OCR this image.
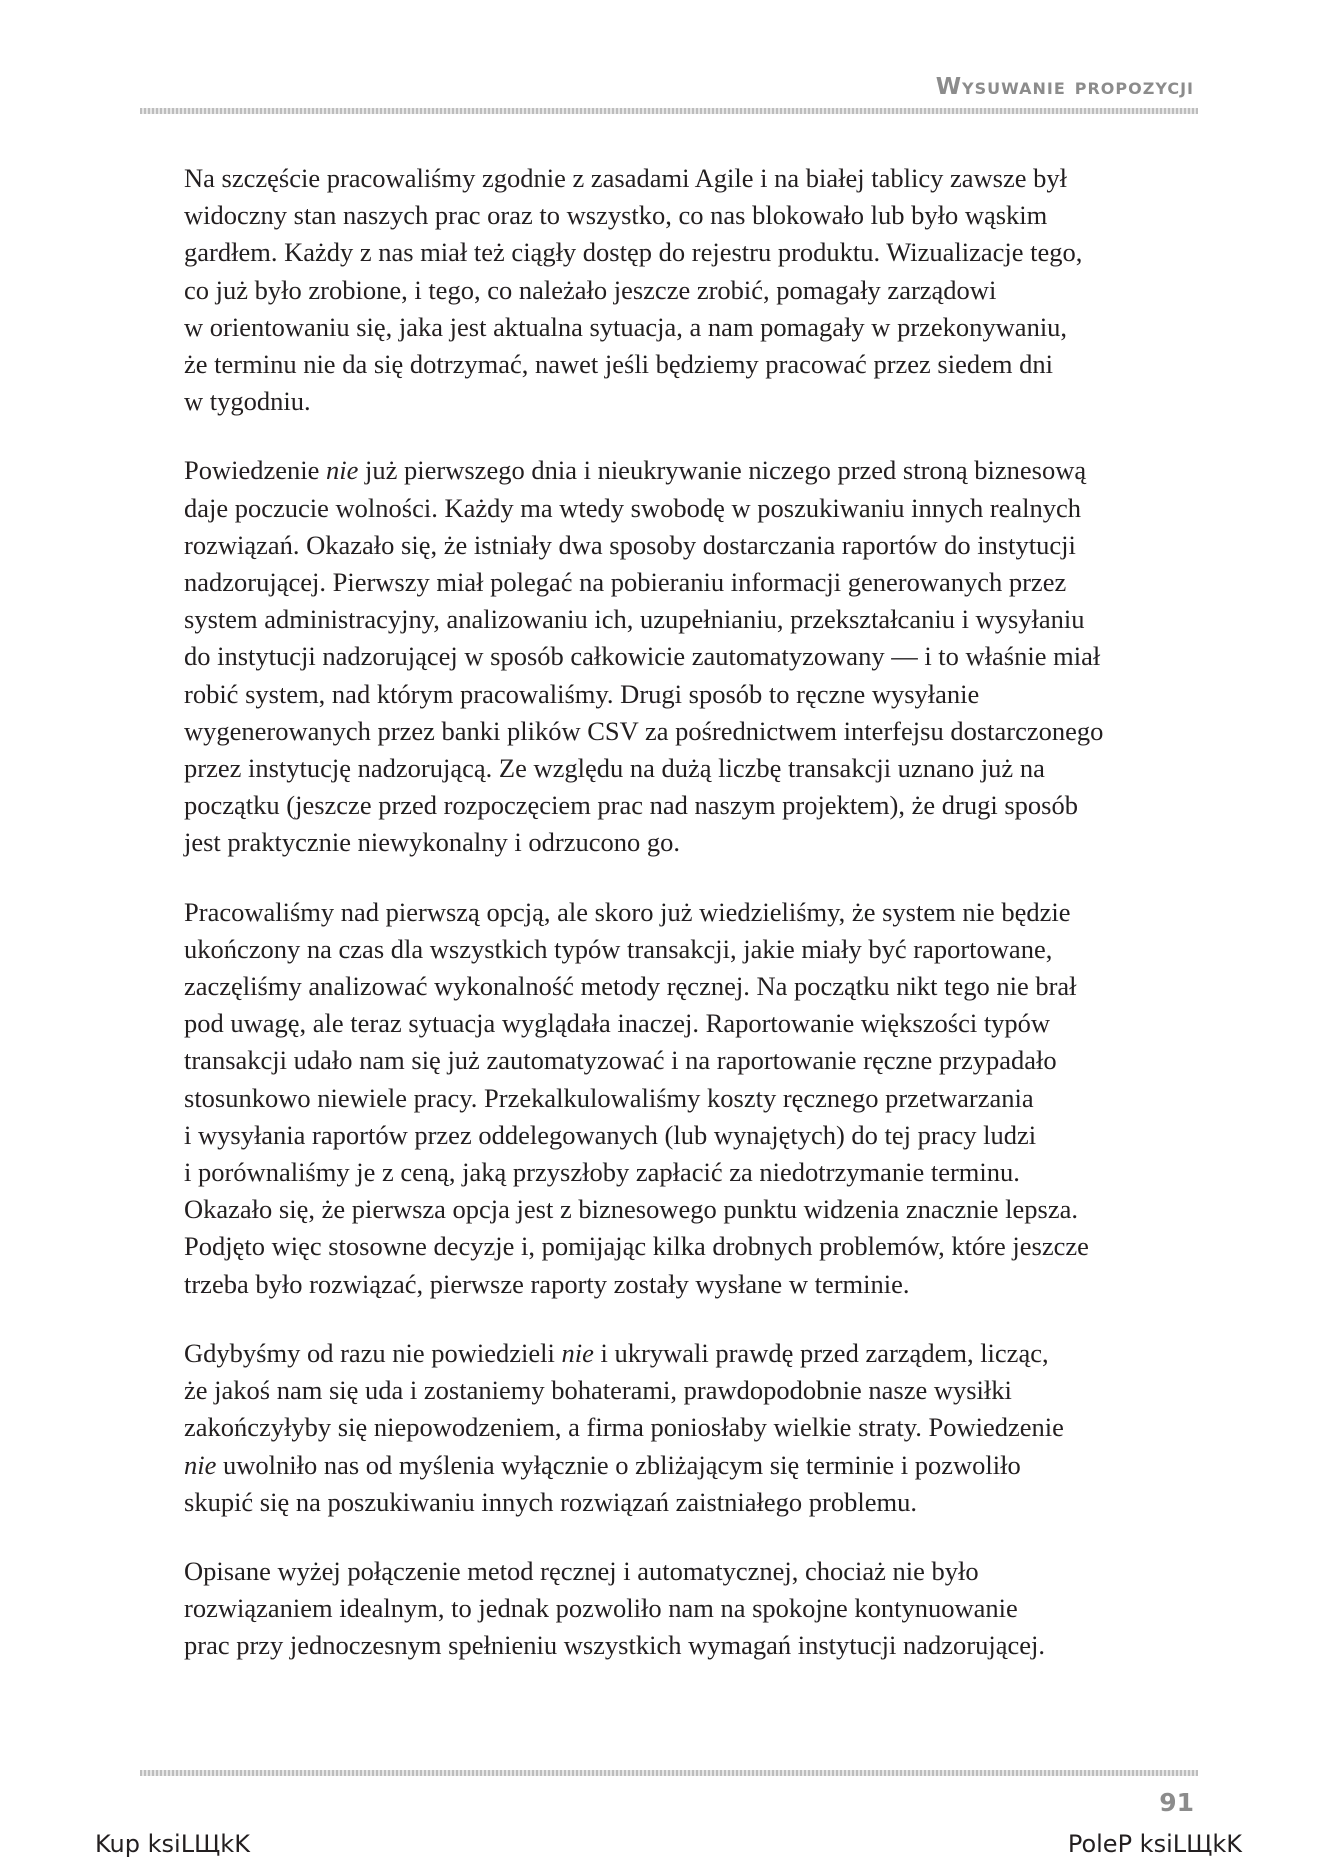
Wysuwanie propozycji

Na szczęście pracowaliśmy zgodnie z zasadami Agile i na białej tablicy zawsze był
widoczny stan naszych prac oraz to wszystko, co nas blokowało lub było wąskim
gardłem. Każdy z nas miał też ciągły dostęp do rejestru produktu. Wizualizacje tego,
co już było zrobione, i tego, co należało jeszcze zrobić, pomagały zarządowi
w orientowaniu się, jaka jest aktualna sytuacja, a nam pomagały w przekonywaniu,
że terminu nie da się dotrzymać, nawet jeśli będziemy pracować przez siedem dni
w tygodniu.

Powiedzenie nie już pierwszego dnia i nieukrywanie niczego przed stroną biznesową
daje poczucie wolności. Każdy ma wtedy swobodę w poszukiwaniu innych realnych
rozwiązań. Okazało się, że istniały dwa sposoby dostarczania raportów do instytucji
nadzorującej. Pierwszy miał polegać na pobieraniu informacji generowanych przez
system administracyjny, analizowaniu ich, uzupełnianiu, przekształcaniu i wysyłaniu
do instytucji nadzorującej w sposób całkowicie zautomatyzowany — i to właśnie miał
robić system, nad którym pracowaliśmy. Drugi sposób to ręczne wysyłanie
wygenerowanych przez banki plików CSV za pośrednictwem interfejsu dostarczonego
przez instytucję nadzorującą. Ze względu na dużą liczbę transakcji uznano już na
początku (jeszcze przed rozpoczęciem prac nad naszym projektem), że drugi sposób
jest praktycznie niewykonalny i odrzucono go.

Pracowaliśmy nad pierwszą opcją, ale skoro już wiedzieliśmy, że system nie będzie
ukończony na czas dla wszystkich typów transakcji, jakie miały być raportowane,
zaczęliśmy analizować wykonalność metody ręcznej. Na początku nikt tego nie brał
pod uwagę, ale teraz sytuacja wyglądała inaczej. Raportowanie większości typów
transakcji udało nam się już zautomatyzować i na raportowanie ręczne przypadało
stosunkowo niewiele pracy. Przekalkulowaliśmy koszty ręcznego przetwarzania
i wysyłania raportów przez oddelegowanych (lub wynajętych) do tej pracy ludzi
i porównaliśmy je z ceną, jaką przyszłoby zapłacić za niedotrzymanie terminu.
Okazało się, że pierwsza opcja jest z biznesowego punktu widzenia znacznie lepsza.
Podjęto więc stosowne decyzje i, pomijając kilka drobnych problemów, które jeszcze
trzeba było rozwiązać, pierwsze raporty zostały wysłane w terminie.

Gdybyśmy od razu nie powiedzieli nie i ukrywali prawdę przed zarządem, licząc,
że jakoś nam się uda i zostaniemy bohaterami, prawdopodobnie nasze wysiłki
zakończyłyby się niepowodzeniem, a firma poniosłaby wielkie straty. Powiedzenie
nie uwolniło nas od myślenia wyłącznie o zbliżającym się terminie i pozwoliło
skupić się na poszukiwaniu innych rozwiązań zaistniałego problemu.

Opisane wyżej połączenie metod ręcznej i automatycznej, chociaż nie było
rozwiązaniem idealnym, to jednak pozwoliło nam na spokojne kontynuowanie
prac przy jednoczesnym spełnieniu wszystkich wymagań instytucji nadzorującej.

91
Kup ksiLЩkK	PoleP ksiLЩkK
